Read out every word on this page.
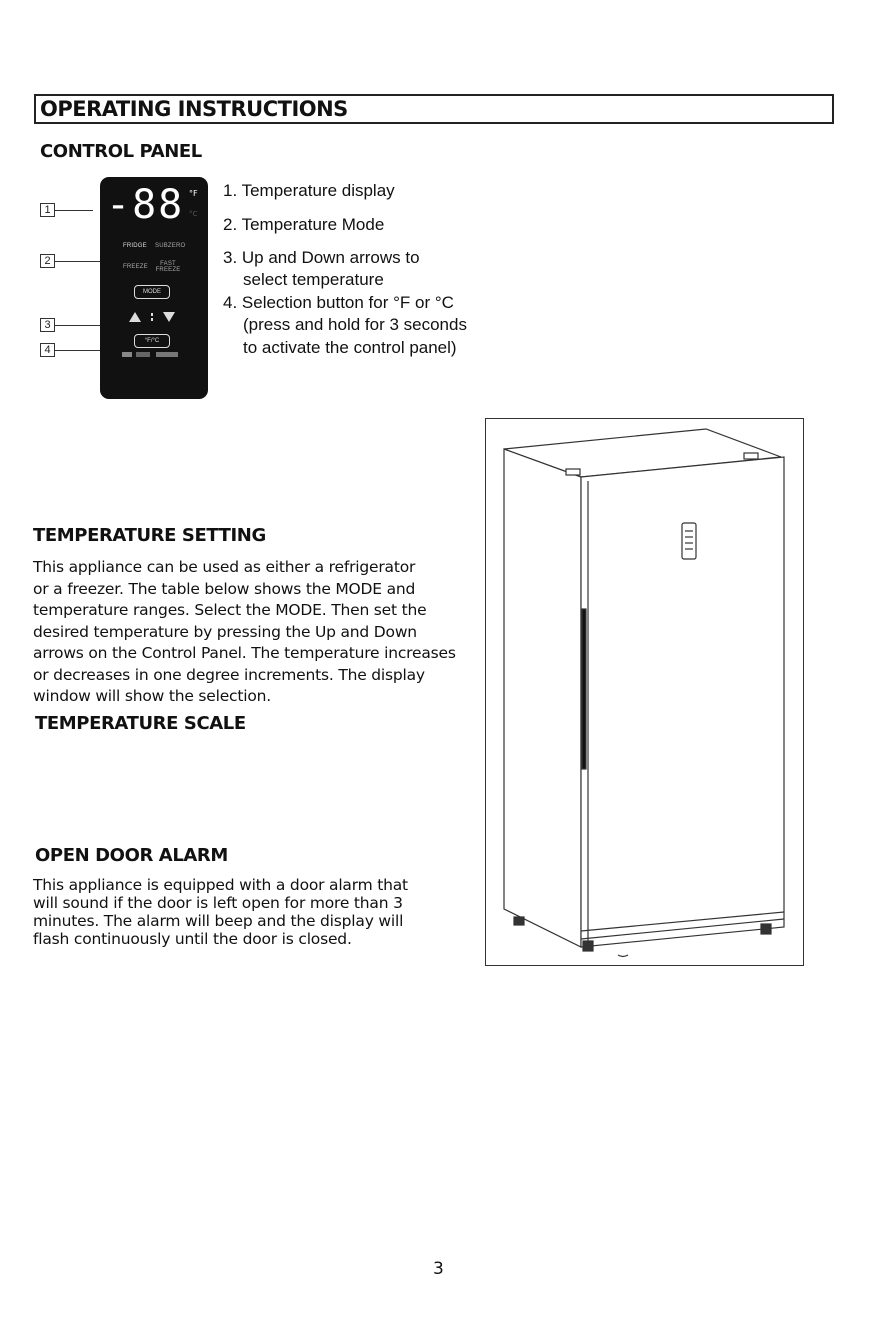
OPERATING INSTRUCTIONS
CONTROL PANEL
-88 °F
°C
FRIDGE SUBZERO
FREEZE	FAST FREEZE
MODE
°F/°C
1
2
3
4
1. Temperature display
2. Temperature Mode
3. Up and Down arrows to
select temperature
4. Selection button for °F or °C
(press and hold for 3 seconds
to activate the control panel)
TEMPERATURE SETTING
This appliance can be used as either a refrigerator
or a freezer. The table below shows the MODE and
temperature ranges. Select the MODE. Then set the
desired temperature by pressing the Up and Down
arrows on the Control Panel. The temperature increases
or decreases in one degree increments. The display
window will show the selection.
TEMPERATURE SCALE
OPEN DOOR ALARM
This appliance is equipped with a door alarm that
will sound if the door is left open for more than 3
minutes. The alarm will beep and the display will
flash continuously until the door is closed.
3
